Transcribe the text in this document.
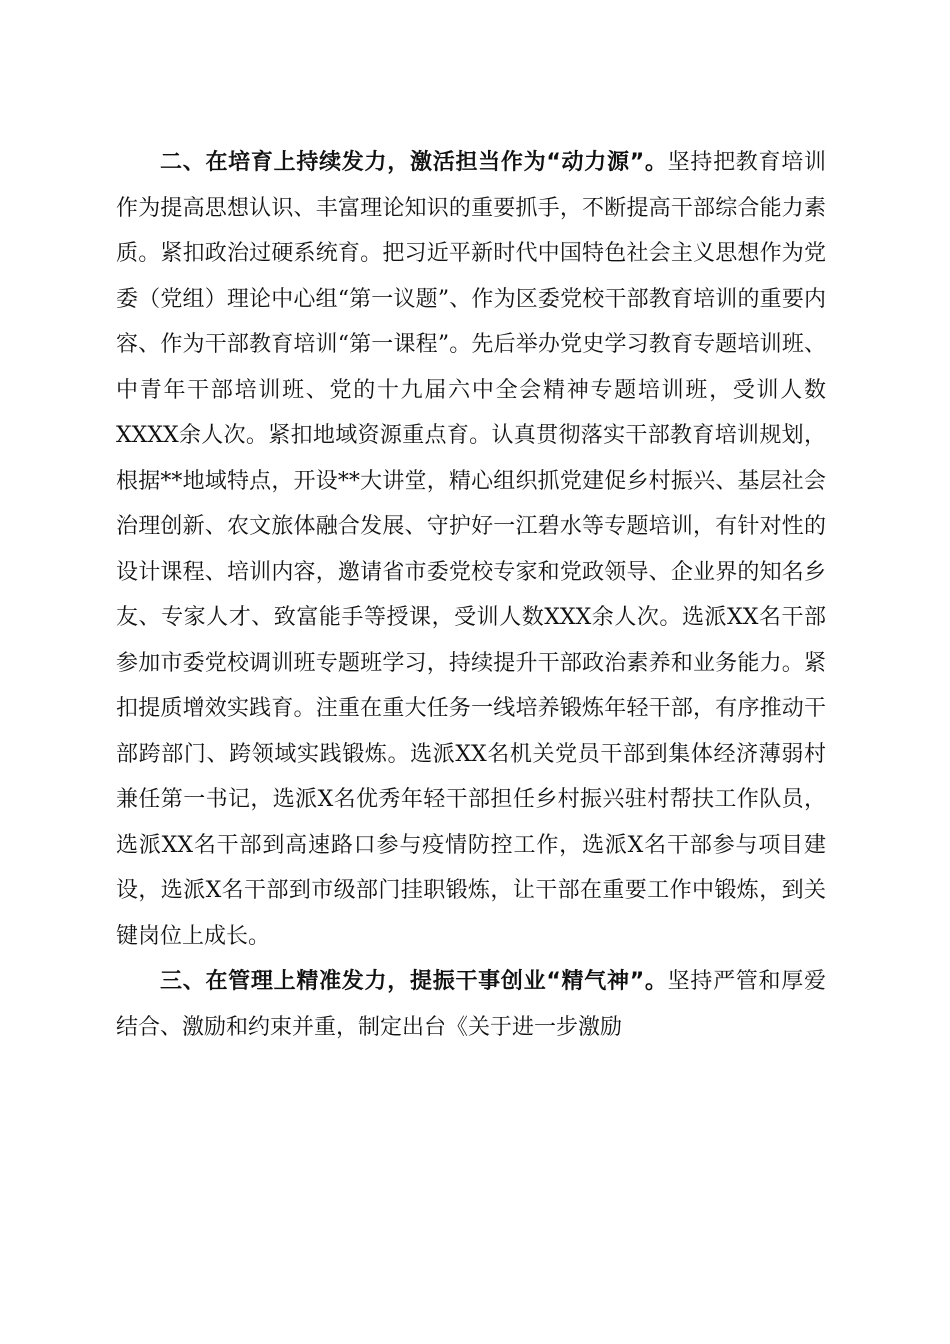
二、在培育上持续发力，激活担当作为“动力源”。坚持把教育培训作为提高思想认识、丰富理论知识的重要抓手，不断提高干部综合能力素质。紧扣政治过硬系统育。把习近平新时代中国特色社会主义思想作为党委（党组）理论中心组“第一议题”、作为区委党校干部教育培训的重要内容、作为干部教育培训“第一课程”。先后举办党史学习教育专题培训班、中青年干部培训班、党的十九届六中全会精神专题培训班，受训人数XXXX余人次。紧扣地域资源重点育。认真贯彻落实干部教育培训规划，根据**地域特点，开设**大讲堂，精心组织抓党建促乡村振兴、基层社会治理创新、农文旅体融合发展、守护好一江碧水等专题培训，有针对性的设计课程、培训内容，邀请省市委党校专家和党政领导、企业界的知名乡友、专家人才、致富能手等授课，受训人数XXX余人次。选派XX名干部参加市委党校调训班专题班学习，持续提升干部政治素养和业务能力。紧扣提质增效实践育。注重在重大任务一线培养锻炼年轻干部，有序推动干部跨部门、跨领域实践锻炼。选派XX名机关党员干部到集体经济薄弱村兼任第一书记，选派X名优秀年轻干部担任乡村振兴驻村帮扶工作队员，选派XX名干部到高速路口参与疫情防控工作，选派X名干部参与项目建设，选派X名干部到市级部门挂职锻炼，让干部在重要工作中锻炼，到关键岗位上成长。

三、在管理上精准发力，提振干事创业“精气神”。坚持严管和厚爱结合、激励和约束并重，制定出台《关于进一步激励
